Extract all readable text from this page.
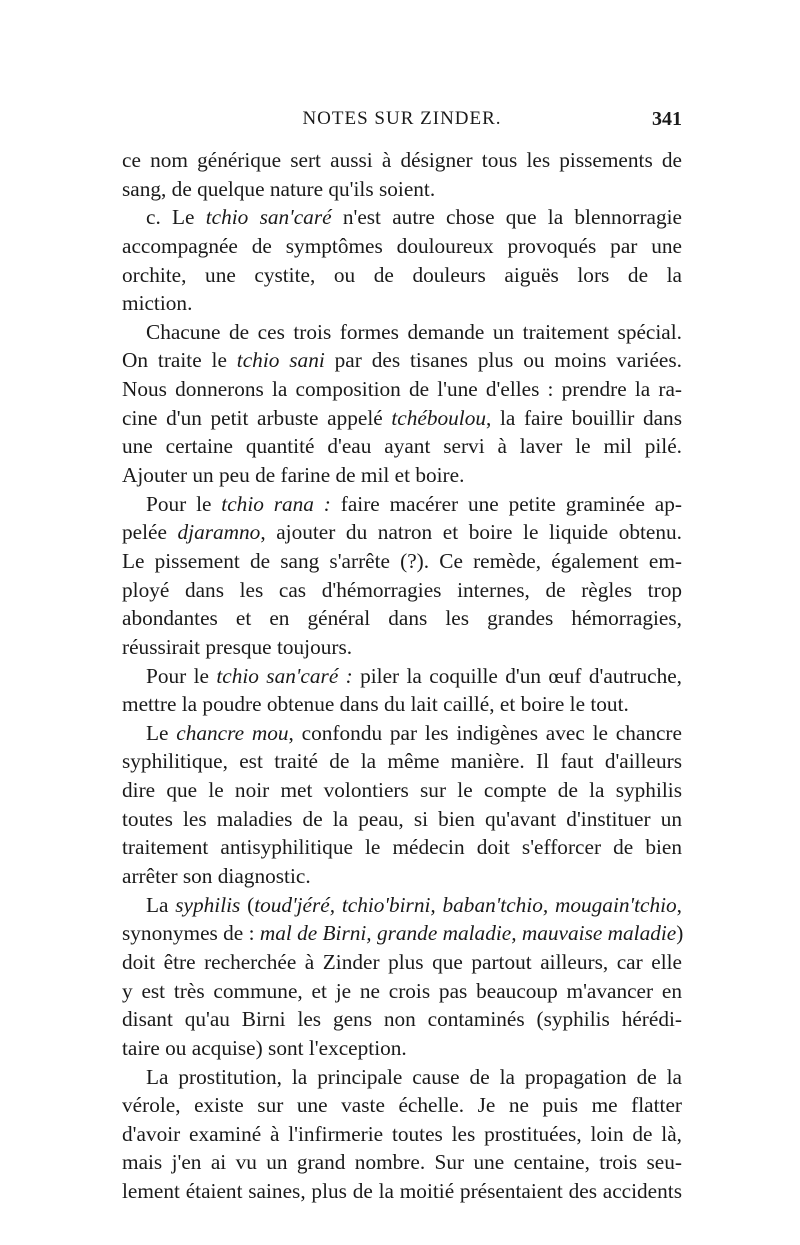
NOTES SUR ZINDER.	341
ce nom générique sert aussi à désigner tous les pissements de
sang, de quelque nature qu'ils soient.
c. Le tchio san'caré n'est autre chose que la blennorragie
accompagnée de symptômes douloureux provoqués par une
orchite, une cystite, ou de douleurs aiguës lors de la
miction.
Chacune de ces trois formes demande un traitement spécial.
On traite le tchio sani par des tisanes plus ou moins variées.
Nous donnerons la composition de l'une d'elles : prendre la ra-
cine d'un petit arbuste appelé tchéboulou, la faire bouillir dans
une certaine quantité d'eau ayant servi à laver le mil pilé.
Ajouter un peu de farine de mil et boire.
Pour le tchio rana : faire macérer une petite graminée ap-
pelée djaramno, ajouter du natron et boire le liquide obtenu.
Le pissement de sang s'arrête (?). Ce remède, également em-
ployé dans les cas d'hémorragies internes, de règles trop
abondantes et en général dans les grandes hémorragies,
réussirait presque toujours.
Pour le tchio san'caré : piler la coquille d'un œuf d'autruche,
mettre la poudre obtenue dans du lait caillé, et boire le tout.
Le chancre mou, confondu par les indigènes avec le chancre
syphilitique, est traité de la même manière. Il faut d'ailleurs
dire que le noir met volontiers sur le compte de la syphilis
toutes les maladies de la peau, si bien qu'avant d'instituer un
traitement antisyphilitique le médecin doit s'efforcer de bien
arrêter son diagnostic.
La syphilis (toud'jéré, tchio'birni, baban'tchio, mougain'tchio,
synonymes de : mal de Birni, grande maladie, mauvaise maladie)
doit être recherchée à Zinder plus que partout ailleurs, car elle
y est très commune, et je ne crois pas beaucoup m'avancer en
disant qu'au Birni les gens non contaminés (syphilis hérédi-
taire ou acquise) sont l'exception.
La prostitution, la principale cause de la propagation de la
vérole, existe sur une vaste échelle. Je ne puis me flatter
d'avoir examiné à l'infirmerie toutes les prostituées, loin de là,
mais j'en ai vu un grand nombre. Sur une centaine, trois seu-
lement étaient saines, plus de la moitié présentaient des accidents
